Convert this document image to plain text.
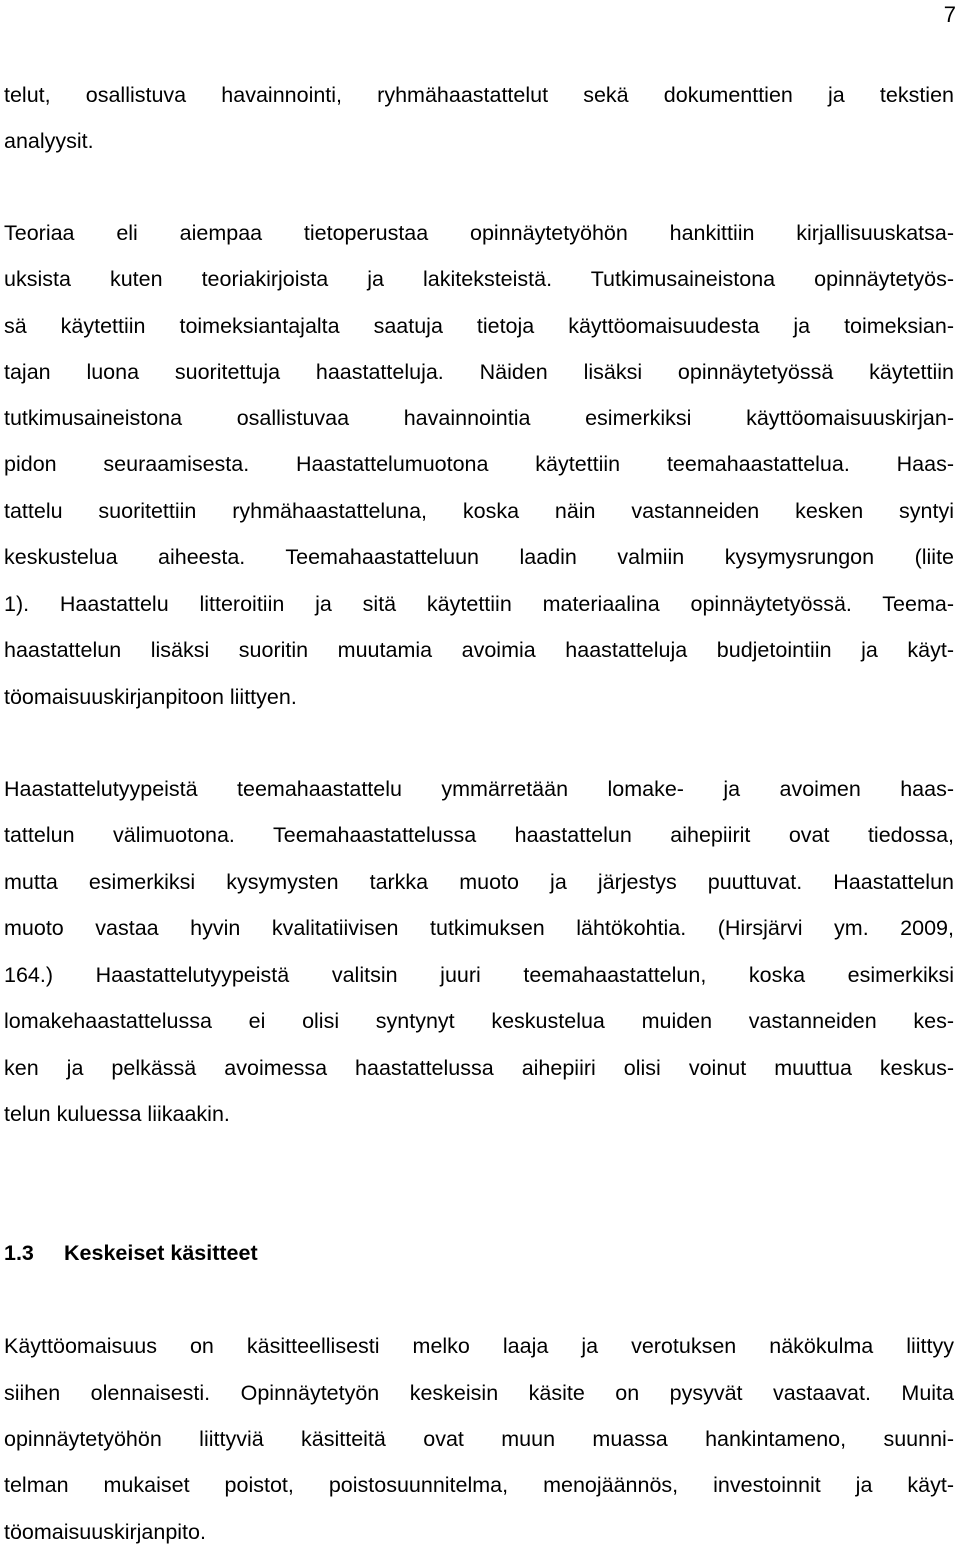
7
telut, osallistuva havainnointi, ryhmähaastattelut sekä dokumenttien ja tekstien
analyysit.
Teoriaa eli aiempaa tietoperustaa opinnäytetyöhön hankittiin kirjallisuuskatsa-
uksista kuten teoriakirjoista ja lakiteksteistä. Tutkimusaineistona opinnäytetyös-
sä käytettiin toimeksiantajalta saatuja tietoja käyttöomaisuudesta ja toimeksian-
tajan luona suoritettuja haastatteluja. Näiden lisäksi opinnäytetyössä käytettiin
tutkimusaineistona osallistuvaa havainnointia esimerkiksi käyttöomaisuuskirjan-
pidon seuraamisesta. Haastattelumuotona käytettiin teemahaastattelua. Haas-
tattelu suoritettiin ryhmähaastatteluna, koska näin vastanneiden kesken syntyi
keskustelua aiheesta. Teemahaastatteluun laadin valmiin kysymysrungon (liite
1). Haastattelu litteroitiin ja sitä käytettiin materiaalina opinnäytetyössä. Teema-
haastattelun lisäksi suoritin muutamia avoimia haastatteluja budjetointiin ja käyt-
töomaisuuskirjanpitoon liittyen.
Haastattelutyypeistä teemahaastattelu ymmärretään lomake- ja avoimen haas-
tattelun välimuotona. Teemahaastattelussa haastattelun aihepiirit ovat tiedossa,
mutta esimerkiksi kysymysten tarkka muoto ja järjestys puuttuvat. Haastattelun
muoto vastaa hyvin kvalitatiivisen tutkimuksen lähtökohtia. (Hirsjärvi ym. 2009,
164.) Haastattelutyypeistä valitsin juuri teemahaastattelun, koska esimerkiksi
lomakehaastattelussa ei olisi syntynyt keskustelua muiden vastanneiden kes-
ken ja pelkässä avoimessa haastattelussa aihepiiri olisi voinut muuttua keskus-
telun kuluessa liikaakin.
1.3 Keskeiset käsitteet
Käyttöomaisuus on käsitteellisesti melko laaja ja verotuksen näkökulma liittyy
siihen olennaisesti. Opinnäytetyön keskeisin käsite on pysyvät vastaavat. Muita
opinnäytetyöhön liittyviä käsitteitä ovat muun muassa hankintameno, suunni-
telman mukaiset poistot, poistosuunnitelma, menojäännös, investoinnit ja käyt-
töomaisuuskirjanpito.
